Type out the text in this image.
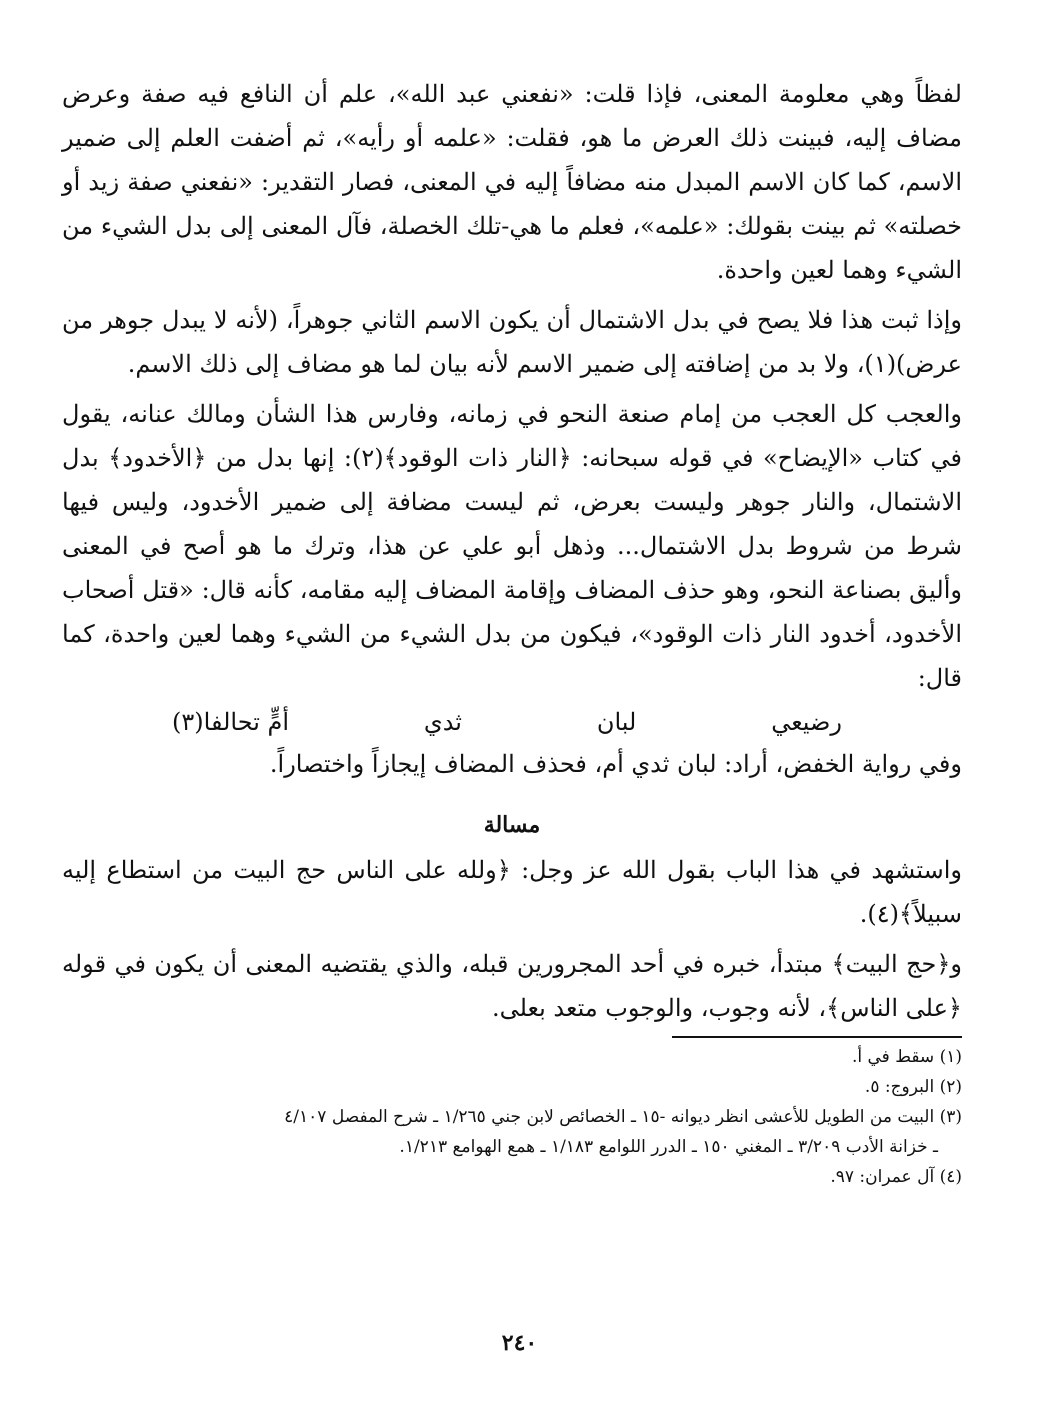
لفظاً وهي معلومة المعنى، فإذا قلت: «نفعني عبد الله»، علم أن النافع فيه صفة وعرض مضاف إليه، فبينت ذلك العرض ما هو، فقلت: «علمه أو رأيه»، ثم أضفت العلم إلى ضمير الاسم، كما كان الاسم المبدل منه مضافاً إليه في المعنى، فصار التقدير: «نفعني صفة زيد أو خصلته» ثم بينت بقولك: «علمه»، فعلم ما هي-تلك الخصلة، فآل المعنى إلى بدل الشيء من الشيء وهما لعين واحدة.

وإذا ثبت هذا فلا يصح في بدل الاشتمال أن يكون الاسم الثاني جوهراً، (لأنه لا يبدل جوهر من عرض)(١)، ولا بد من إضافته إلى ضمير الاسم لأنه بيان لما هو مضاف إلى ذلك الاسم.

والعجب كل العجب من إمام صنعة النحو في زمانه، وفارس هذا الشأن ومالك عنانه، يقول في كتاب «الإيضاح» في قوله سبحانه: ﴿النار ذات الوقود﴾(٢): إنها بدل من ﴿الأخدود﴾ بدل الاشتمال، والنار جوهر وليست بعرض، ثم ليست مضافة إلى ضمير الأخدود، وليس فيها شرط من شروط بدل الاشتمال... وذهل أبو علي عن هذا، وترك ما هو أصح في المعنى وأليق بصناعة النحو، وهو حذف المضاف وإقامة المضاف إليه مقامه، كأنه قال: «قتل أصحاب الأخدود، أخدود النار ذات الوقود»، فيكون من بدل الشيء من الشيء وهما لعين واحدة، كما قال:

رضيعي
لبان
ثدي
أمٍّ تحالفا(٣)

وفي رواية الخفض، أراد: لبان ثدي أم، فحذف المضاف إيجازاً واختصاراً.

مسالة

واستشهد في هذا الباب بقول الله عز وجل: ﴿ولله على الناس حج البيت من استطاع إليه سبيلاً﴾(٤).

و﴿حج البيت﴾ مبتدأ، خبره في أحد المجرورين قبله، والذي يقتضيه المعنى أن يكون في قوله ﴿على الناس﴾، لأنه وجوب، والوجوب متعد بعلى.

(١) سقط في أ.

(٢) البروج: ٥.

(٣) البيت من الطويل للأعشى انظر ديوانه -١٥ ـ الخصائص لابن جني ١/٢٦٥ ـ شرح المفصل ٤/١٠٧

ـ خزانة الأدب ٣/٢٠٩ ـ المغني ١٥٠ ـ الدرر اللوامع ١/١٨٣ ـ همع الهوامع ١/٢١٣.

(٤) آل عمران: ٩٧.

٢٤٠
